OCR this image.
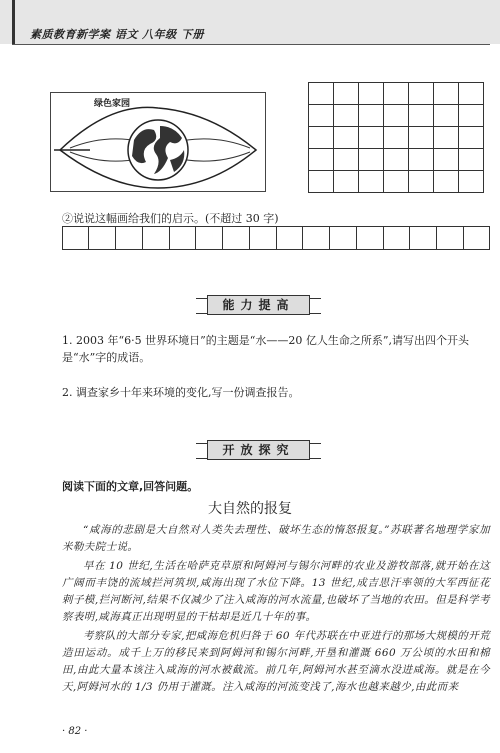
素质教育新学案 语文 八年级 下册
绿色家园
②说说这幅画给我们的启示。(不超过 30 字)
能力提高
1. 2003 年“6·5 世界环境日”的主题是“水——20 亿人生命之所系”,请写出四个开头是“水”字的成语。
2. 调查家乡十年来环境的变化,写一份调查报告。
开放探究
阅读下面的文章,回答问题。
大自然的报复
“咸海的悲剧是大自然对人类失去理性、破坏生态的惰怒报复。”苏联著名地理学家加米勒夫院士说。
早在 10 世纪,生活在哈萨克草原和阿姆河与锡尔河畔的农业及游牧部落,就开始在这广阔而丰饶的流域拦河筑坝,咸海出现了水位下降。13 世纪,成吉思汗率领的大军西征花剌子模,拦河断河,结果不仅减少了注入咸海的河水流量,也破坏了当地的农田。但是科学考察表明,咸海真正出现明显的干枯却是近几十年的事。
考察队的大部分专家,把咸海危机归咎于 60 年代苏联在中亚进行的那场大规模的开荒造田运动。成千上万的移民来到阿姆河和锡尔河畔,开垦和灌溉 660 万公顷的水田和棉田,由此大量本该注入咸海的河水被截流。前几年,阿姆河水甚至滴水没进咸海。就是在今天,阿姆河水的 1/3 仍用于灌溉。注入咸海的河流变浅了,海水也越来越少,由此而来
· 82 ·
